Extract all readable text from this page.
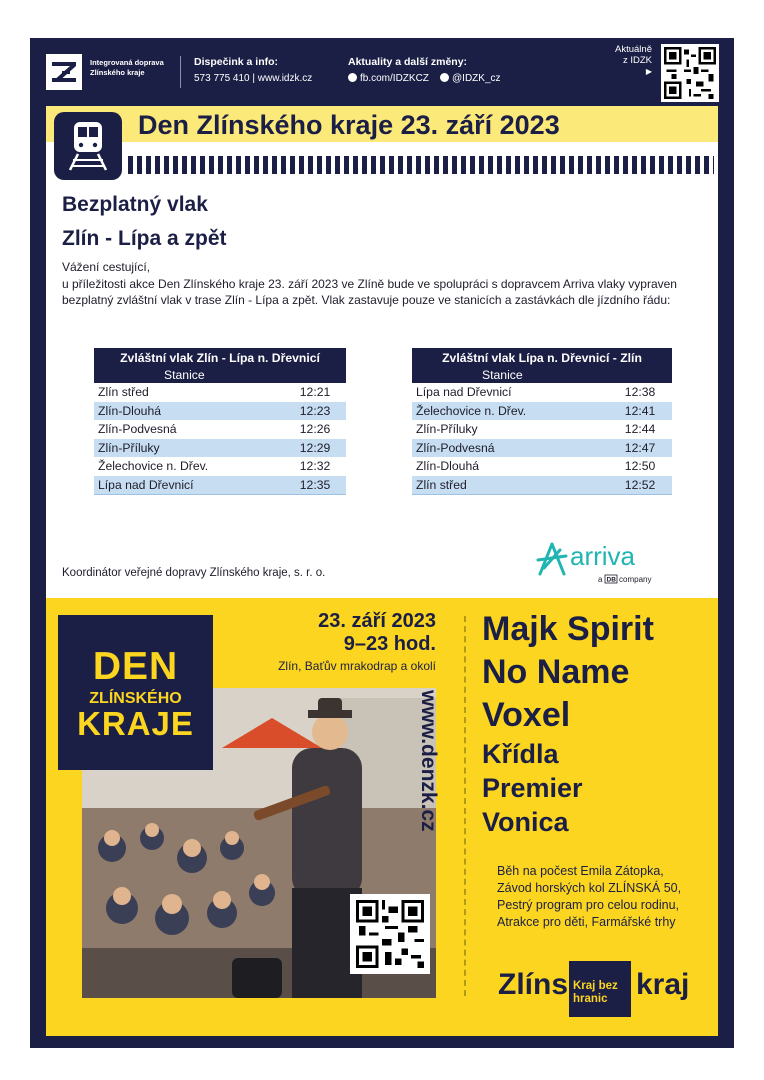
Integrovaná doprava
Zlínského kraje
Dispečink a info:
573 775 410 | www.idzk.cz
Aktuality a další změny:
fb.com/IDZKCZ @IDZK_cz
Aktuálně
z IDZK
▶
Den Zlínského kraje 23. září 2023
Bezplatný vlak
Zlín - Lípa a zpět
Vážení cestující,
u příležitosti akce Den Zlínského kraje 23. září 2023 ve Zlíně bude ve spolupráci s dopravcem Arriva vlaky vypraven bezplatný zvláštní vlak v trase Zlín - Lípa a zpět. Vlak zastavuje pouze ve stanicích a zastávkách dle jízdního řádu:
Zvláštní vlak Zlín - Lípa n. Dřevnicí	
Stanice	
Zlín střed	12:21
Zlín-Dlouhá	12:23
Zlín-Podvesná	12:26
Zlín-Příluky	12:29
Želechovice n. Dřev.	12:32
Lípa nad Dřevnicí	12:35
Zvláštní vlak Lípa n. Dřevnicí - Zlín	
Stanice	
Lípa nad Dřevnicí	12:38
Želechovice n. Dřev.	12:41
Zlín-Příluky	12:44
Zlín-Podvesná	12:47
Zlín-Dlouhá	12:50
Zlín střed	12:52
Koordinátor veřejné dopravy Zlínského kraje, s. r. o.
arriva
a DB company
DEN
ZLÍNSKÉHO
KRAJE	www.denzk.cz
23. září 2023
9–23 hod.
Zlín, Baťův mrakodrap a okolí
Majk Spirit
No Name
Voxel
Křídla
Premier
Vonica
Běh na počest Emila Zátopka,
Závod horských kol ZLÍNSKÁ 50,
Pestrý program pro celou rodinu,
Atrakce pro děti, Farmářské trhy
Zlíns Kraj bez hranic kraj
